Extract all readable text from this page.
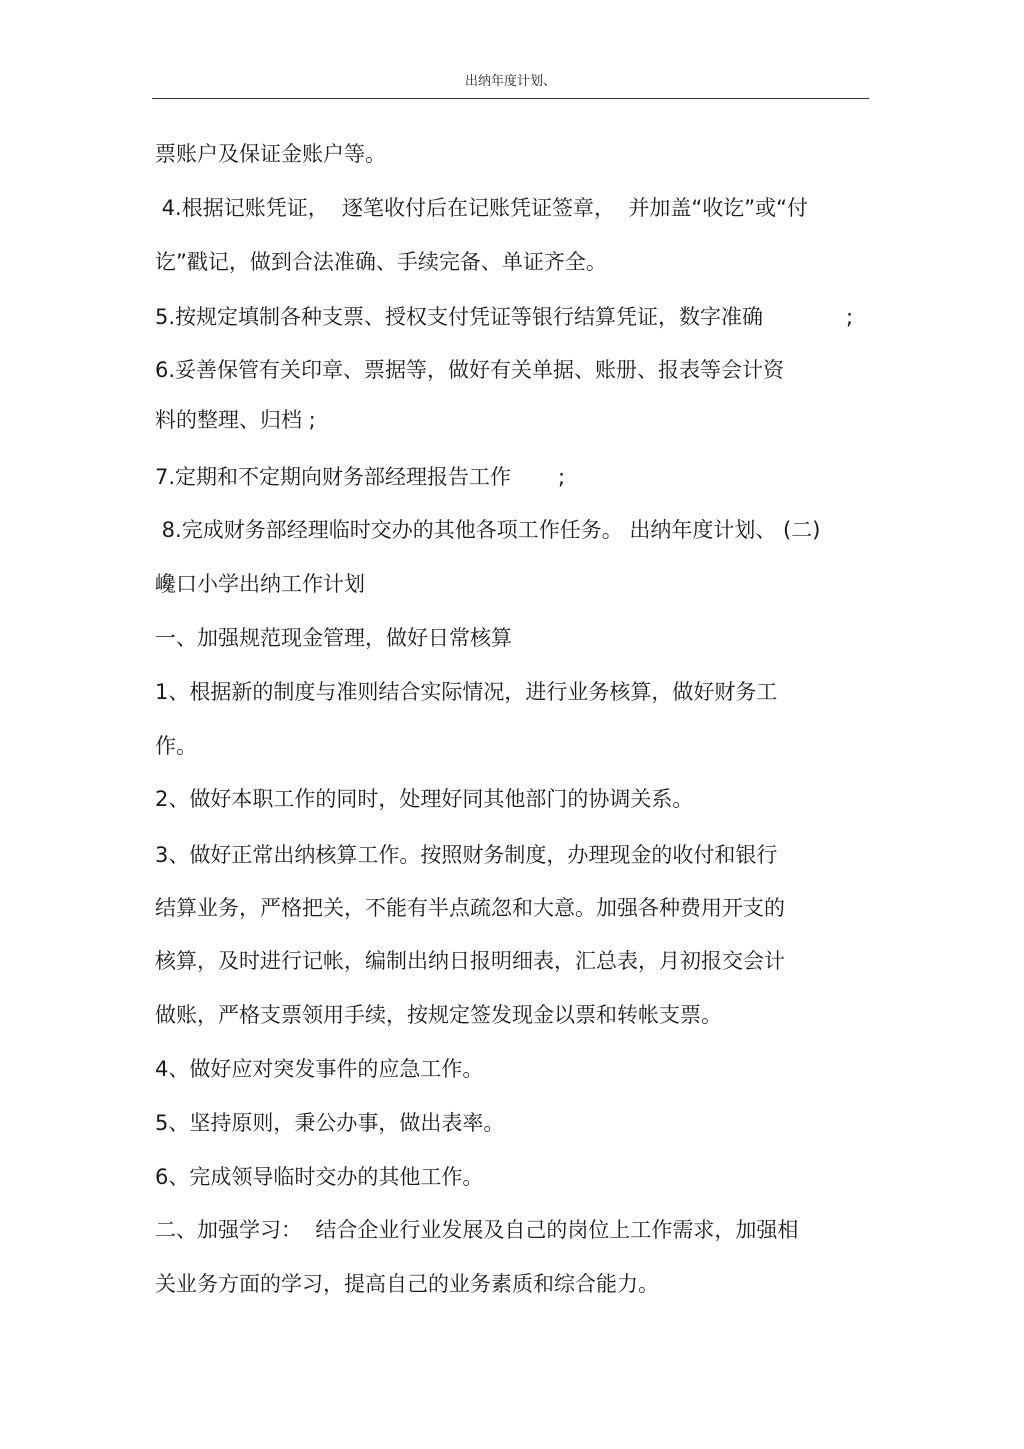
出纳年度计划、
票账户及保证金账户等。
4.根据记账凭证，  逐笔收付后在记账凭证签章，  并加盖“收讫”或“付
讫”戳记，做到合法准确、手续完备、单证齐全。
5.按规定填制各种支票、授权支付凭证等银行结算凭证，数字准确	;
6.妥善保管有关印章、票据等，做好有关单据、账册、报表等会计资
料的整理、归档 ;
7.定期和不定期向财务部经理报告工作 ;
8.完成财务部经理临时交办的其他各项工作任务。 出纳年度计划、 (二)
巉口小学出纳工作计划
一、加强规范现金管理，做好日常核算
1、根据新的制度与准则结合实际情况，进行业务核算，做好财务工
作。
2、做好本职工作的同时，处理好同其他部门的协调关系。
3、做好正常出纳核算工作。按照财务制度，办理现金的收付和银行
结算业务，严格把关，不能有半点疏忽和大意。加强各种费用开支的
核算，及时进行记帐，编制出纳日报明细表，汇总表，月初报交会计
做账，严格支票领用手续，按规定签发现金以票和转帐支票。
4、做好应对突发事件的应急工作。
5、坚持原则，秉公办事，做出表率。
6、完成领导临时交办的其他工作。
二、加强学习：  结合企业行业发展及自己的岗位上工作需求，加强相
关业务方面的学习，提高自己的业务素质和综合能力。
